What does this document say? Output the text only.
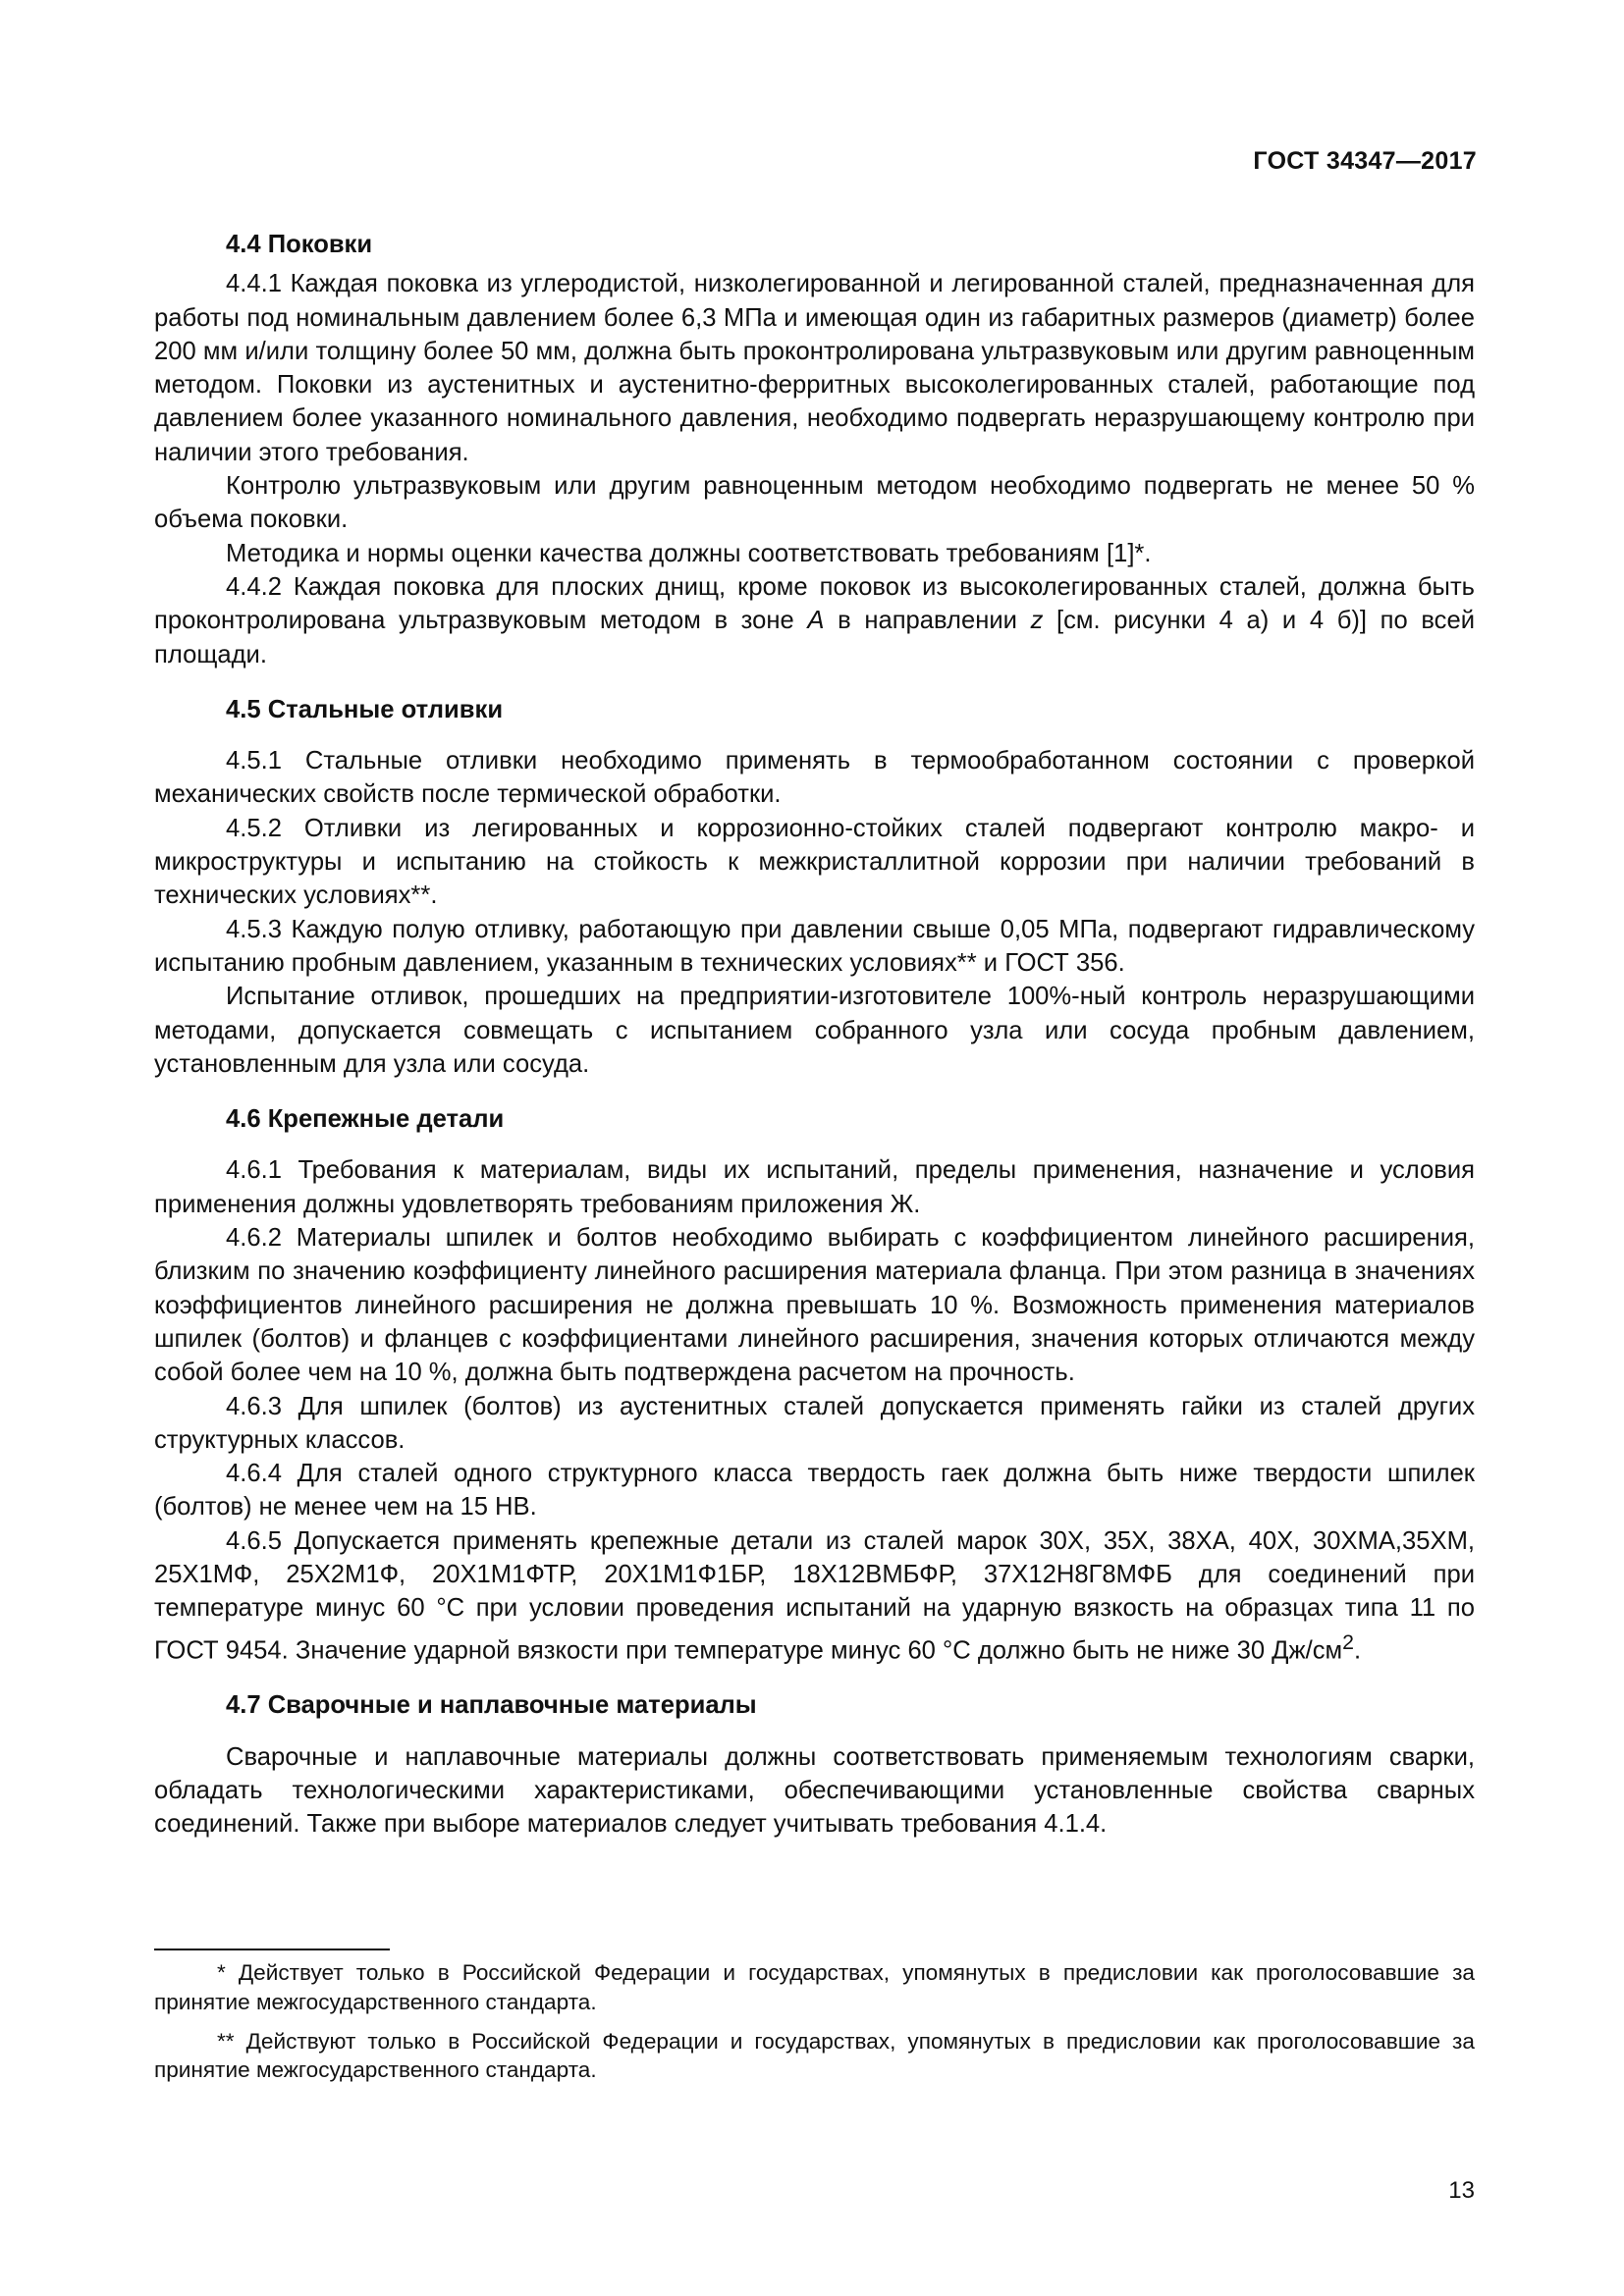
ГОСТ 34347—2017
4.4 Поковки

4.4.1 Каждая поковка из углеродистой, низколегированной и легированной сталей, предназначенная для работы под номинальным давлением более 6,3 МПа и имеющая один из габаритных размеров (диаметр) более 200 мм и/или толщину более 50 мм, должна быть проконтролирована ультразвуковым или другим равноценным методом. Поковки из аустенитных и аустенитно-ферритных высоколегированных сталей, работающие под давлением более указанного номинального давления, необходимо подвергать неразрушающему контролю при наличии этого требования.

Контролю ультразвуковым или другим равноценным методом необходимо подвергать не менее 50 % объема поковки.

Методика и нормы оценки качества должны соответствовать требованиям [1]*.

4.4.2 Каждая поковка для плоских днищ, кроме поковок из высоколегированных сталей, должна быть проконтролирована ультразвуковым методом в зоне A в направлении z [см. рисунки 4 а) и 4 б)] по всей площади.

4.5 Стальные отливки

4.5.1 Стальные отливки необходимо применять в термообработанном состоянии с проверкой механических свойств после термической обработки.

4.5.2 Отливки из легированных и коррозионно-стойких сталей подвергают контролю макро- и микроструктуры и испытанию на стойкость к межкристаллитной коррозии при наличии требований в технических условиях**.

4.5.3 Каждую полую отливку, работающую при давлении свыше 0,05 МПа, подвергают гидравлическому испытанию пробным давлением, указанным в технических условиях** и ГОСТ 356.

Испытание отливок, прошедших на предприятии-изготовителе 100%-ный контроль неразрушающими методами, допускается совмещать с испытанием собранного узла или сосуда пробным давлением, установленным для узла или сосуда.

4.6 Крепежные детали

4.6.1 Требования к материалам, виды их испытаний, пределы применения, назначение и условия применения должны удовлетворять требованиям приложения Ж.

4.6.2 Материалы шпилек и болтов необходимо выбирать с коэффициентом линейного расширения, близким по значению коэффициенту линейного расширения материала фланца. При этом разница в значениях коэффициентов линейного расширения не должна превышать 10 %. Возможность применения материалов шпилек (болтов) и фланцев с коэффициентами линейного расширения, значения которых отличаются между собой более чем на 10 %, должна быть подтверждена расчетом на прочность.

4.6.3 Для шпилек (болтов) из аустенитных сталей допускается применять гайки из сталей других структурных классов.

4.6.4 Для сталей одного структурного класса твердость гаек должна быть ниже твердости шпилек (болтов) не менее чем на 15 НВ.

4.6.5 Допускается применять крепежные детали из сталей марок 30Х, 35Х, 38ХА, 40Х, 30ХМА,35ХМ, 25Х1МФ, 25Х2М1Ф, 20Х1М1ФТР, 20Х1М1Ф1БР, 18Х12ВМБФР, 37Х12Н8Г8МФБ для соединений при температуре минус 60 °С при условии проведения испытаний на ударную вязкость на образцах типа 11 по ГОСТ 9454. Значение ударной вязкости при температуре минус 60 °С должно быть не ниже 30 $Дж/см^2$.

4.7 Сварочные и наплавочные материалы

Сварочные и наплавочные материалы должны соответствовать применяемым технологиям сварки, обладать технологическими характеристиками, обеспечивающими установленные свойства сварных соединений. Также при выборе материалов следует учитывать требования 4.1.4.

* Действует только в Российской Федерации и государствах, упомянутых в предисловии как проголосовавшие за принятие межгосударственного стандарта.

** Действуют только в Российской Федерации и государствах, упомянутых в предисловии как проголосовавшие за принятие межгосударственного стандарта.

13
